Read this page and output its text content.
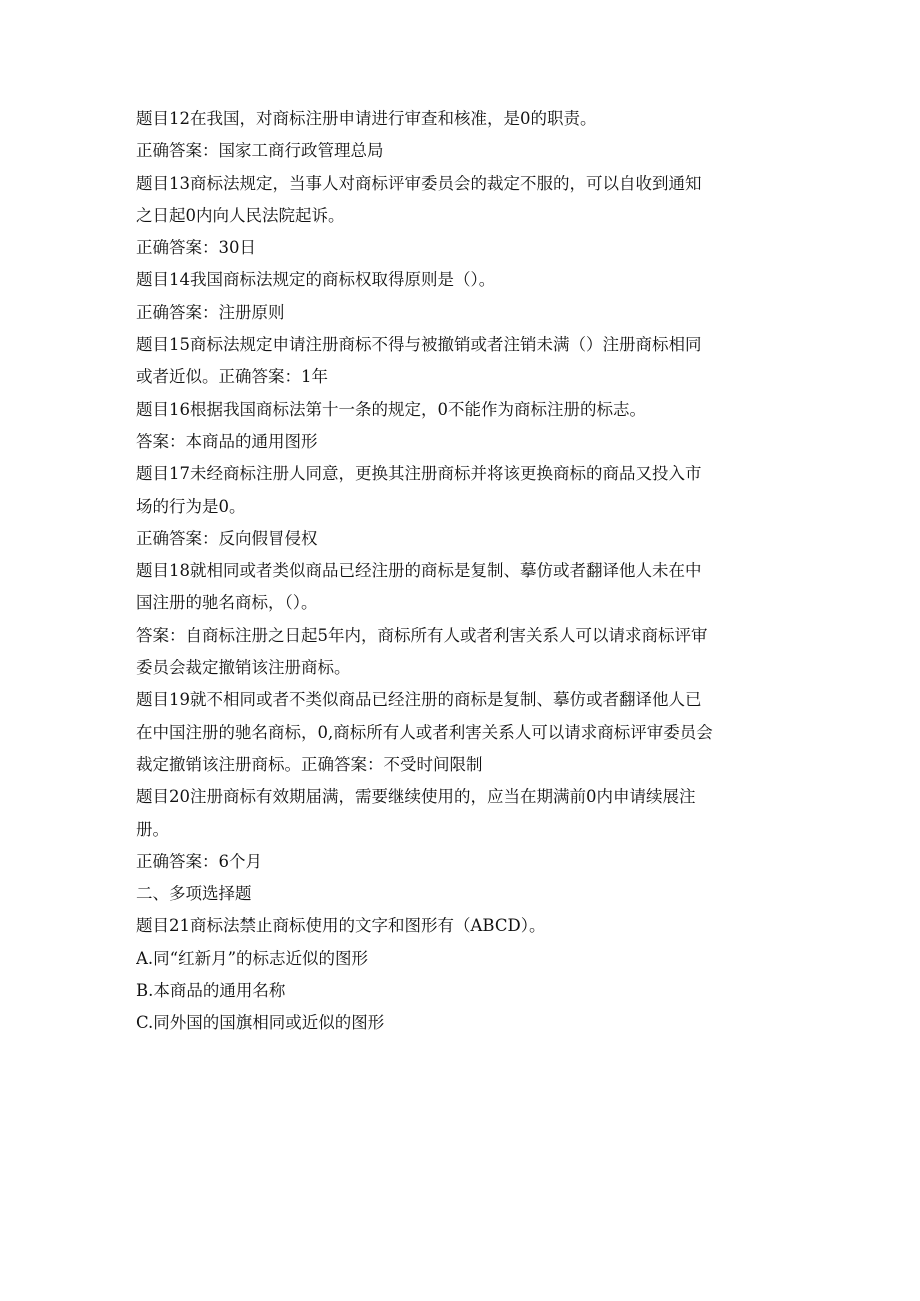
题目12在我国，对商标注册申请进行审查和核准，是0的职责。
正确答案：国家工商行政管理总局
题目13商标法规定，当事人对商标评审委员会的裁定不服的，可以自收到通知
之日起0内向人民法院起诉。
正确答案：30日
题目14我国商标法规定的商标权取得原则是（）。
正确答案：注册原则
题目15商标法规定申请注册商标不得与被撤销或者注销未满（）注册商标相同
或者近似。正确答案：1年
题目16根据我国商标法第十一条的规定，0不能作为商标注册的标志。
答案：本商品的通用图形
题目17未经商标注册人同意，更换其注册商标并将该更换商标的商品又投入市
场的行为是0。
正确答案：反向假冒侵权
题目18就相同或者类似商品已经注册的商标是复制、摹仿或者翻译他人未在中
国注册的驰名商标，（）。
答案：自商标注册之日起5年内，商标所有人或者利害关系人可以请求商标评审
委员会裁定撤销该注册商标。
题目19就不相同或者不类似商品已经注册的商标是复制、摹仿或者翻译他人已
在中国注册的驰名商标，0,商标所有人或者利害关系人可以请求商标评审委员会
裁定撤销该注册商标。正确答案：不受时间限制
题目20注册商标有效期届满，需要继续使用的，应当在期满前0内申请续展注
册。
正确答案：6个月
二、多项选择题
题目21商标法禁止商标使用的文字和图形有（ABCD）。
A.同“红新月”的标志近似的图形
B.本商品的通用名称
C.同外国的国旗相同或近似的图形
